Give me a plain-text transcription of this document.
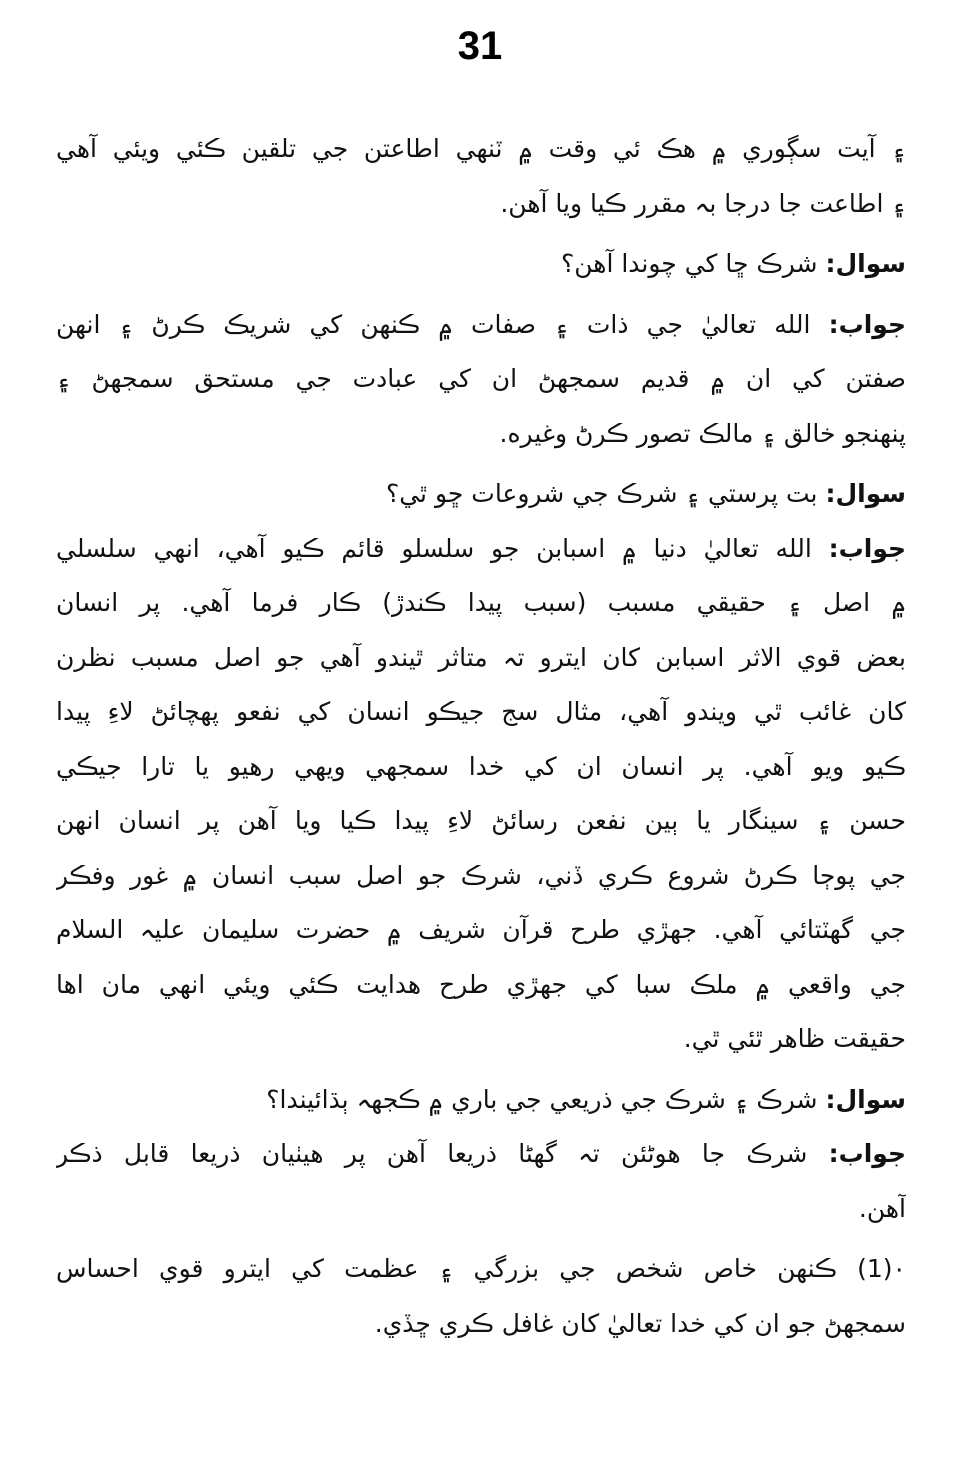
31
۽ آيت سڳوري ۾ هڪ ئي وقت ۾ ٽنهي اطاعتن جي تلقين ڪئي ويئي آهي
۽ اطاعت جا درجا بہ مقرر ڪيا ويا آهن.
سوال: شرڪ ڇا کي چوندا آهن؟
جواب: الله تعاليٰ جي ذات ۽ صفات ۾ ڪنهن کي شريڪ ڪرڻ ۽ انهن
صفتن کي ان ۾ قديم سمجهڻ ان کي عبادت جي مستحق سمجهڻ ۽
پنهنجو خالق ۽ مالڪ تصور ڪرڻ وغيره.
سوال: بت پرستي ۽ شرڪ جي شروعات ڇو ٿي؟
جواب: الله تعاليٰ دنيا ۾ اسبابن جو سلسلو قائم ڪيو آهي، انهي سلسلي
۾ اصل ۽ حقيقي مسبب (سبب پيدا ڪندڙ) ڪار فرما آهي. پر انسان
بعض قوي الاثر اسبابن کان ايترو تہ متاثر ٿيندو آهي جو اصل مسبب نظرن
کان غائب ٿي ويندو آهي، مثال سج جيڪو انسان کي نفعو پهچائڻ لاءِ پيدا
ڪيو ويو آهي. پر انسان ان کي خدا سمجهي ويهي رهيو يا تارا جيڪي
حسن ۽ سينگار يا ٻين نفعن رسائڻ لاءِ پيدا ڪيا ويا آهن پر انسان انهن
جي پوڄا ڪرڻ شروع ڪري ڏني، شرڪ جو اصل سبب انسان ۾ غور وفڪر
جي گهٽتائي آهي. جهڙي طرح قرآن شريف ۾ حضرت سليمان عليہ السلام
جي واقعي ۾ ملڪ سبا کي جهڙي طرح هدايت ڪئي ويئي انهي مان اها
حقيقت ظاهر ٿئي ٿي.
سوال: شرڪ ۽ شرڪ جي ذريعي جي باري ۾ ڪجهہ ٻڌائيندا؟
جواب: شرڪ جا هوڻئن تہ گهڻا ذريعا آهن پر هيٺيان ذريعا قابل ذڪر
آهن.
٠(1) ڪنهن خاص شخص جي بزرگي ۽ عظمت کي ايترو قوي احساس
سمجهڻ جو ان کي خدا تعاليٰ کان غافل ڪري ڇڏي.
